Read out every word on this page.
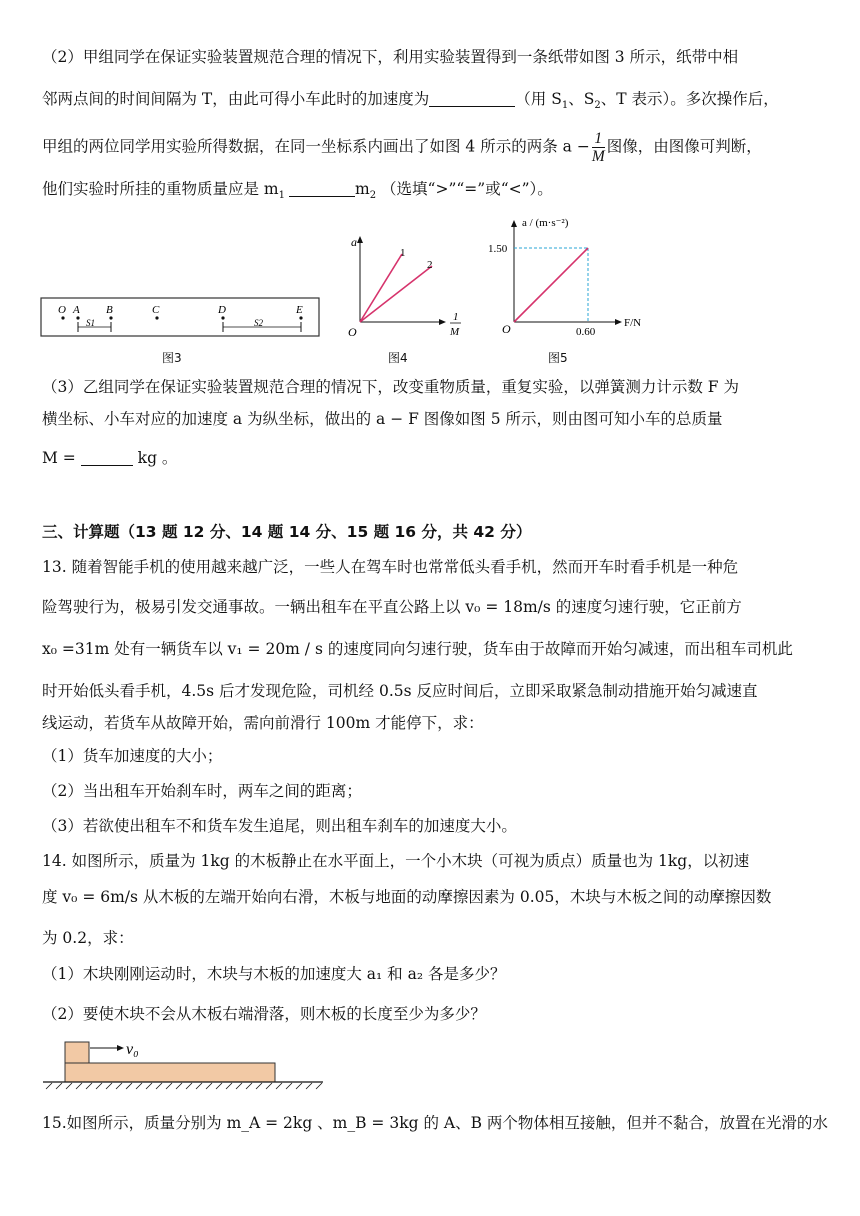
（2）甲组同学在保证实验装置规范合理的情况下，利用实验装置得到一条纸带如图 3 所示，纸带中相
邻两点间的时间间隔为 T，由此可得小车此时的加速度为	（用 $S_1$、$S_2$、T 表示）。多次操作后，
甲组的两位同学用实验所得数据，在同一坐标系内画出了如图 4 所示的两条 $a - \frac{1}{M}$ 图像，由图像可判断，
他们实验时所挂的重物质量应是 $m_1$	$m_2$ （选填“>”“=”或“<”）。
O A B	C	D	E
S1	S2
图3
a
1
2
O
1
M
图4
a / (m·s⁻²)
1.50
0.60
O	F/N
图5
（3）乙组同学在保证实验装置规范合理的情况下，改变重物质量，重复实验，以弹簧测力计示数 F 为
横坐标、小车对应的加速度 a 为纵坐标，做出的 a − F 图像如图 5 所示，则由图可知小车的总质量
M =	kg 。
三、计算题（13 题 12 分、14 题 14 分、15 题 16 分，共 42 分）
13. 随着智能手机的使用越来越广泛，一些人在驾车时也常常低头看手机，然而开车时看手机是一种危
险驾驶行为，极易引发交通事故。一辆出租车在平直公路上以 v₀ = 18m/s 的速度匀速行驶，它正前方
x₀ =31m 处有一辆货车以 v₁ = 20m / s 的速度同向匀速行驶，货车由于故障而开始匀减速，而出租车司机此
时开始低头看手机，4.5s 后才发现危险，司机经 0.5s 反应时间后，立即采取紧急制动措施开始匀减速直
线运动，若货车从故障开始，需向前滑行 100m 才能停下，求：
（1）货车加速度的大小；
（2）当出租车开始刹车时，两车之间的距离；
（3）若欲使出租车不和货车发生追尾，则出租车刹车的加速度大小。
14. 如图所示，质量为 1kg 的木板静止在水平面上，一个小木块（可视为质点）质量也为 1kg，以初速
度 v₀ = 6m/s 从木板的左端开始向右滑，木板与地面的动摩擦因素为 0.05，木块与木板之间的动摩擦因数
为 0.2，求：
（1）木块刚刚运动时，木块与木板的加速度大 a₁ 和 a₂ 各是多少？
（2）要使木块不会从木板右端滑落，则木板的长度至少为多少？
v₀
15.如图所示，质量分别为 m_A = 2kg 、m_B = 3kg 的 A、B 两个物体相互接触，但并不黏合，放置在光滑的水
